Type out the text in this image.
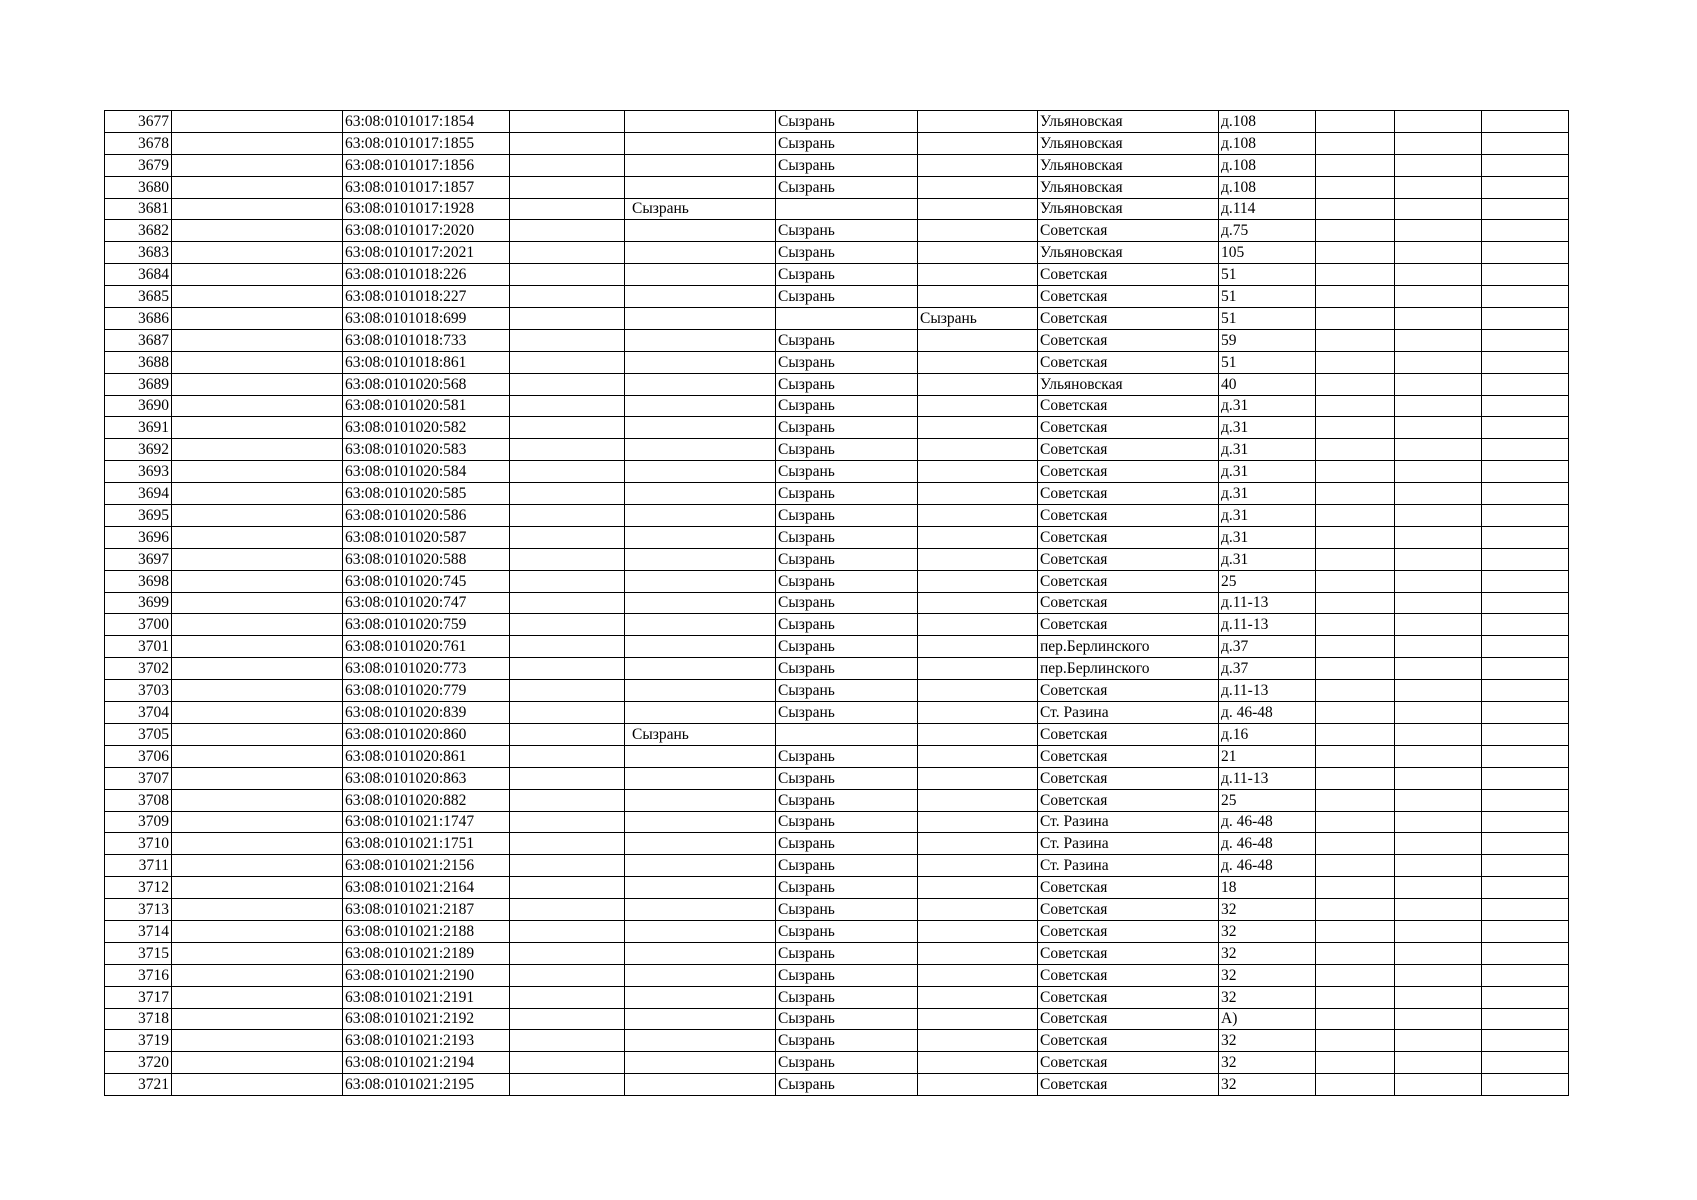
3677		63:08:0101017:1854			Сызрань		Ульяновская	д.108			
3678		63:08:0101017:1855			Сызрань		Ульяновская	д.108			
3679		63:08:0101017:1856			Сызрань		Ульяновская	д.108			
3680		63:08:0101017:1857			Сызрань		Ульяновская	д.108			
3681		63:08:0101017:1928		Сызрань			Ульяновская	д.114			
3682		63:08:0101017:2020			Сызрань		Советская	д.75			
3683		63:08:0101017:2021			Сызрань		Ульяновская	105			
3684		63:08:0101018:226			Сызрань		Советская	51			
3685		63:08:0101018:227			Сызрань		Советская	51			
3686		63:08:0101018:699				Сызрань	Советская	51			
3687		63:08:0101018:733			Сызрань		Советская	59			
3688		63:08:0101018:861			Сызрань		Советская	51			
3689		63:08:0101020:568			Сызрань		Ульяновская	40			
3690		63:08:0101020:581			Сызрань		Советская	д.31			
3691		63:08:0101020:582			Сызрань		Советская	д.31			
3692		63:08:0101020:583			Сызрань		Советская	д.31			
3693		63:08:0101020:584			Сызрань		Советская	д.31			
3694		63:08:0101020:585			Сызрань		Советская	д.31			
3695		63:08:0101020:586			Сызрань		Советская	д.31			
3696		63:08:0101020:587			Сызрань		Советская	д.31			
3697		63:08:0101020:588			Сызрань		Советская	д.31			
3698		63:08:0101020:745			Сызрань		Советская	25			
3699		63:08:0101020:747			Сызрань		Советская	д.11-13			
3700		63:08:0101020:759			Сызрань		Советская	д.11-13			
3701		63:08:0101020:761			Сызрань		пер.Берлинского	д.37			
3702		63:08:0101020:773			Сызрань		пер.Берлинского	д.37			
3703		63:08:0101020:779			Сызрань		Советская	д.11-13			
3704		63:08:0101020:839			Сызрань		Ст. Разина	д. 46-48			
3705		63:08:0101020:860		Сызрань			Советская	д.16			
3706		63:08:0101020:861			Сызрань		Советская	21			
3707		63:08:0101020:863			Сызрань		Советская	д.11-13			
3708		63:08:0101020:882			Сызрань		Советская	25			
3709		63:08:0101021:1747			Сызрань		Ст. Разина	д. 46-48			
3710		63:08:0101021:1751			Сызрань		Ст. Разина	д. 46-48			
3711		63:08:0101021:2156			Сызрань		Ст. Разина	д. 46-48			
3712		63:08:0101021:2164			Сызрань		Советская	18			
3713		63:08:0101021:2187			Сызрань		Советская	32			
3714		63:08:0101021:2188			Сызрань		Советская	32			
3715		63:08:0101021:2189			Сызрань		Советская	32			
3716		63:08:0101021:2190			Сызрань		Советская	32			
3717		63:08:0101021:2191			Сызрань		Советская	32			
3718		63:08:0101021:2192			Сызрань		Советская	А)			
3719		63:08:0101021:2193			Сызрань		Советская	32			
3720		63:08:0101021:2194			Сызрань		Советская	32			
3721		63:08:0101021:2195			Сызрань		Советская	32			
